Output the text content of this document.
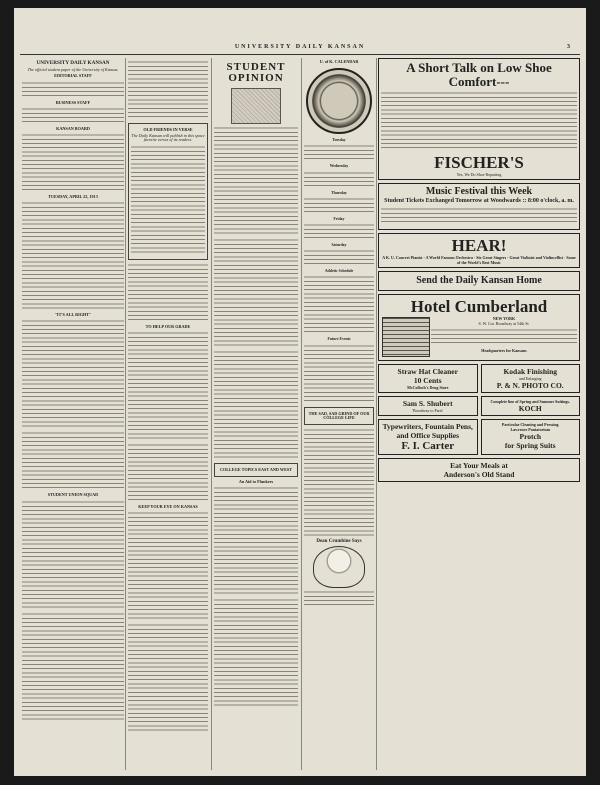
UNIVERSITY DAILY KANSAN	3
UNIVERSITY DAILY KANSAN
The official student paper of the University of Kansas.
EDITORIAL STAFF
BUSINESS STAFF
KANSAN BOARD
TUESDAY, APRIL 22, 1913
"IT'S ALL RIGHT"
STUDENT UNION SQUAD
OLD FRIENDS IN VERSE
The Daily Kansan will publish in this space favorite verses of its readers.
TO HELP OUR GRADE
KEEP YOUR EYE ON KANSAS
STUDENT OPINION
COLLEGE TOPICS EAST AND WEST
An Aid to Flunkers
U. of K. CALENDAR
Tuesday
Wednesday
Thursday
Friday
Saturday
Athletic Schedule
Future Events
THE SAD, SAD GRIND OF OUR COLLEGE LIFE
Dean Crumbine Says
A Short Talk on Low Shoe Comfort---
FISCHER'S
Yes, We Do Shoe Repairing
Music Festival this Week
Student Tickets Exchanged Tomorrow at Woodwards :: 8:00 o'clock, a. m.
HEAR!
A K. U. Concert Pianist · A World Famous Orchestra · Six Great Singers · Great Violinist and Violincellist · Some of the World's Best Music
Send the Daily Kansan Home
Hotel Cumberland
NEW YORK
S. W. Cor. Broadway at 54th St.
Headquarters for Kansans
Straw Hat Cleaner
10 Cents
McColloch's Drug Store
Kodak Finishing
and Enlarging
P. & N. PHOTO CO.
Sam S. Shubert
'Broadway to Paris'
Complete line of Spring and Summer Suitings.
KOCH
Typewriters, Fountain Pens, and Office Supplies
F. I. Carter
Particular Cleaning and Pressing
Lawrence Pantatorium
Protch
for Spring Suits
Eat Your Meals at
Anderson's Old Stand
